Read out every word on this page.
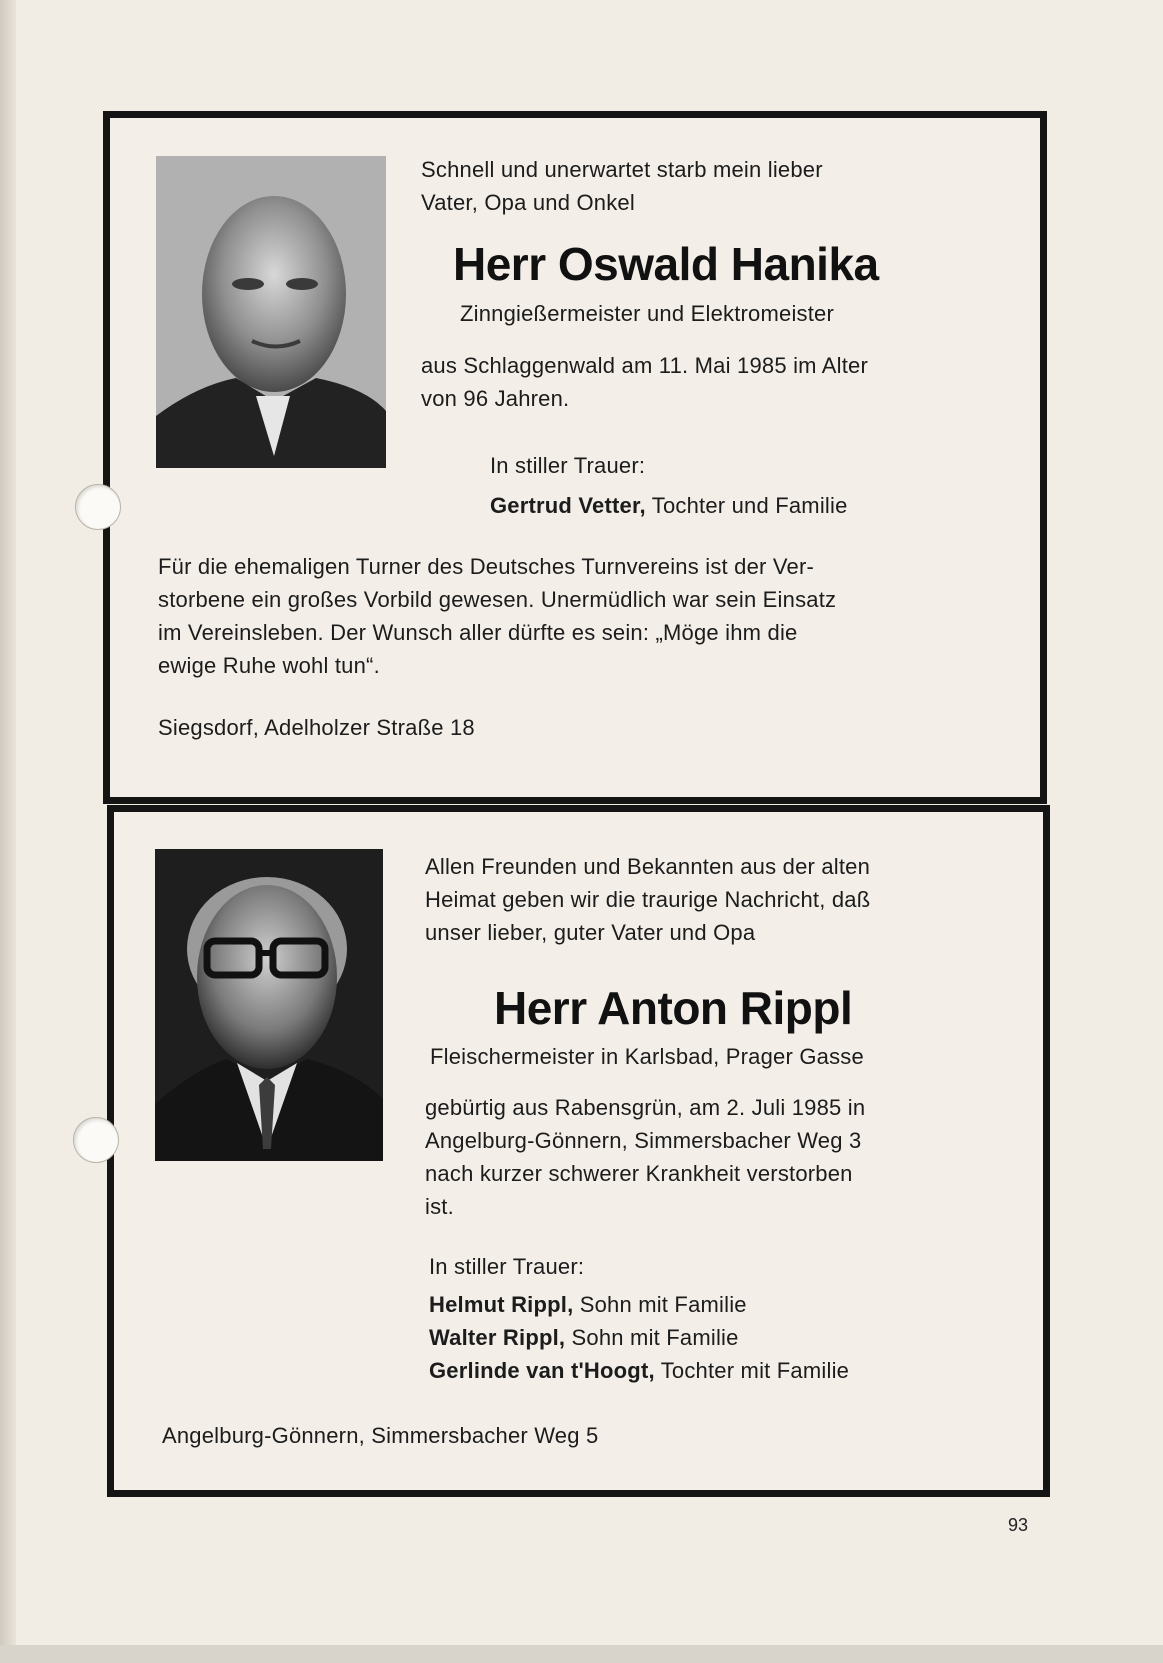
Schnell und unerwartet starb mein lieber

Vater, Opa und Onkel

Herr Oswald Hanika

Zinngießermeister und Elektromeister

aus Schlaggenwald am 11. Mai 1985 im Alter

von 96 Jahren.

In stiller Trauer:

Gertrud Vetter, Tochter und Familie

Für die ehemaligen Turner des Deutsches Turnvereins ist der Ver-

storbene ein großes Vorbild gewesen. Unermüdlich war sein Einsatz

im Vereinsleben. Der Wunsch aller dürfte es sein: „Möge ihm die

ewige Ruhe wohl tun“.

Siegsdorf, Adelholzer Straße 18

Allen Freunden und Bekannten aus der alten

Heimat geben wir die traurige Nachricht, daß

unser lieber, guter Vater und Opa

Herr Anton Rippl

Fleischermeister in Karlsbad, Prager Gasse

gebürtig aus Rabensgrün, am 2. Juli 1985 in

Angelburg-Gönnern, Simmersbacher Weg 3

nach kurzer schwerer Krankheit verstorben

ist.

In stiller Trauer:

Helmut Rippl, Sohn mit Familie

Walter Rippl, Sohn mit Familie

Gerlinde van t'Hoogt, Tochter mit Familie

Angelburg-Gönnern, Simmersbacher Weg 5

93
